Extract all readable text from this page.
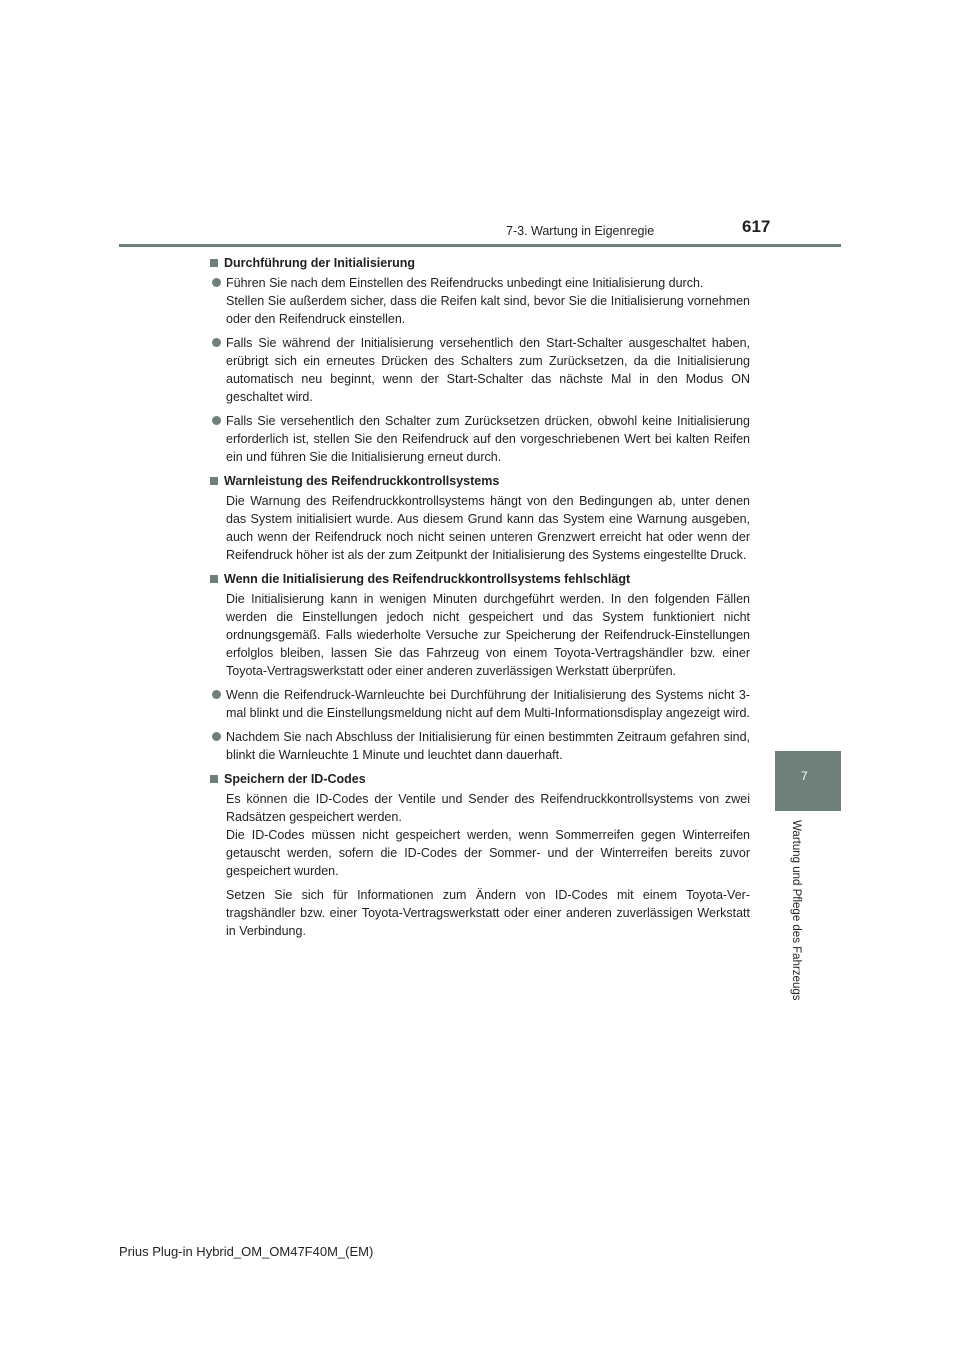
7-3. Wartung in Eigenregie	617
7
Wartung und Pflege des Fahrzeugs
Durchführung der Initialisierung
Führen Sie nach dem Einstellen des Reifendrucks unbedingt eine Initialisierung durch.
Stellen Sie außerdem sicher, dass die Reifen kalt sind, bevor Sie die Initialisierung vornehmen oder den Reifendruck einstellen.
Falls Sie während der Initialisierung versehentlich den Start-Schalter ausgeschaltet haben, erübrigt sich ein erneutes Drücken des Schalters zum Zurücksetzen, da die Initialisierung automatisch neu beginnt, wenn der Start-Schalter das nächste Mal in den Modus ON geschaltet wird.
Falls Sie versehentlich den Schalter zum Zurücksetzen drücken, obwohl keine Initialisierung erforderlich ist, stellen Sie den Reifendruck auf den vorgeschriebenen Wert bei kalten Reifen ein und führen Sie die Initialisierung erneut durch.
Warnleistung des Reifendruckkontrollsystems
Die Warnung des Reifendruckkontrollsystems hängt von den Bedingungen ab, unter denen das System initialisiert wurde. Aus diesem Grund kann das System eine Warnung ausgeben, auch wenn der Reifendruck noch nicht seinen unteren Grenzwert erreicht hat oder wenn der Reifendruck höher ist als der zum Zeitpunkt der Initialisierung des Systems eingestellte Druck.
Wenn die Initialisierung des Reifendruckkontrollsystems fehlschlägt
Die Initialisierung kann in wenigen Minuten durchgeführt werden. In den folgenden Fällen werden die Einstellungen jedoch nicht gespeichert und das System funktioniert nicht ordnungsgemäß. Falls wiederholte Versuche zur Speicherung der Reifendruck-Einstellungen erfolglos bleiben, lassen Sie das Fahrzeug von einem Toyota-Vertragshändler bzw. einer Toyota-Vertragswerkstatt oder einer anderen zuverlässigen Werkstatt überprüfen.
Wenn die Reifendruck-Warnleuchte bei Durchführung der Initialisierung des Systems nicht 3-mal blinkt und die Einstellungsmeldung nicht auf dem Multi-Informationsdisplay angezeigt wird.
Nachdem Sie nach Abschluss der Initialisierung für einen bestimmten Zeitraum gefahren sind, blinkt die Warnleuchte 1 Minute und leuchtet dann dauerhaft.
Speichern der ID-Codes
Es können die ID-Codes der Ventile und Sender des Reifendruckkontrollsystems von zwei Radsätzen gespeichert werden.
Die ID-Codes müssen nicht gespeichert werden, wenn Sommerreifen gegen Winterreifen getauscht werden, sofern die ID-Codes der Sommer- und der Winterreifen bereits zuvor gespeichert wurden.
Setzen Sie sich für Informationen zum Ändern von ID-Codes mit einem Toyota-Vertragshändler bzw. einer Toyota-Vertragswerkstatt oder einer anderen zuverlässigen Werkstatt in Verbindung.
Prius Plug-in Hybrid_OM_OM47F40M_(EM)
